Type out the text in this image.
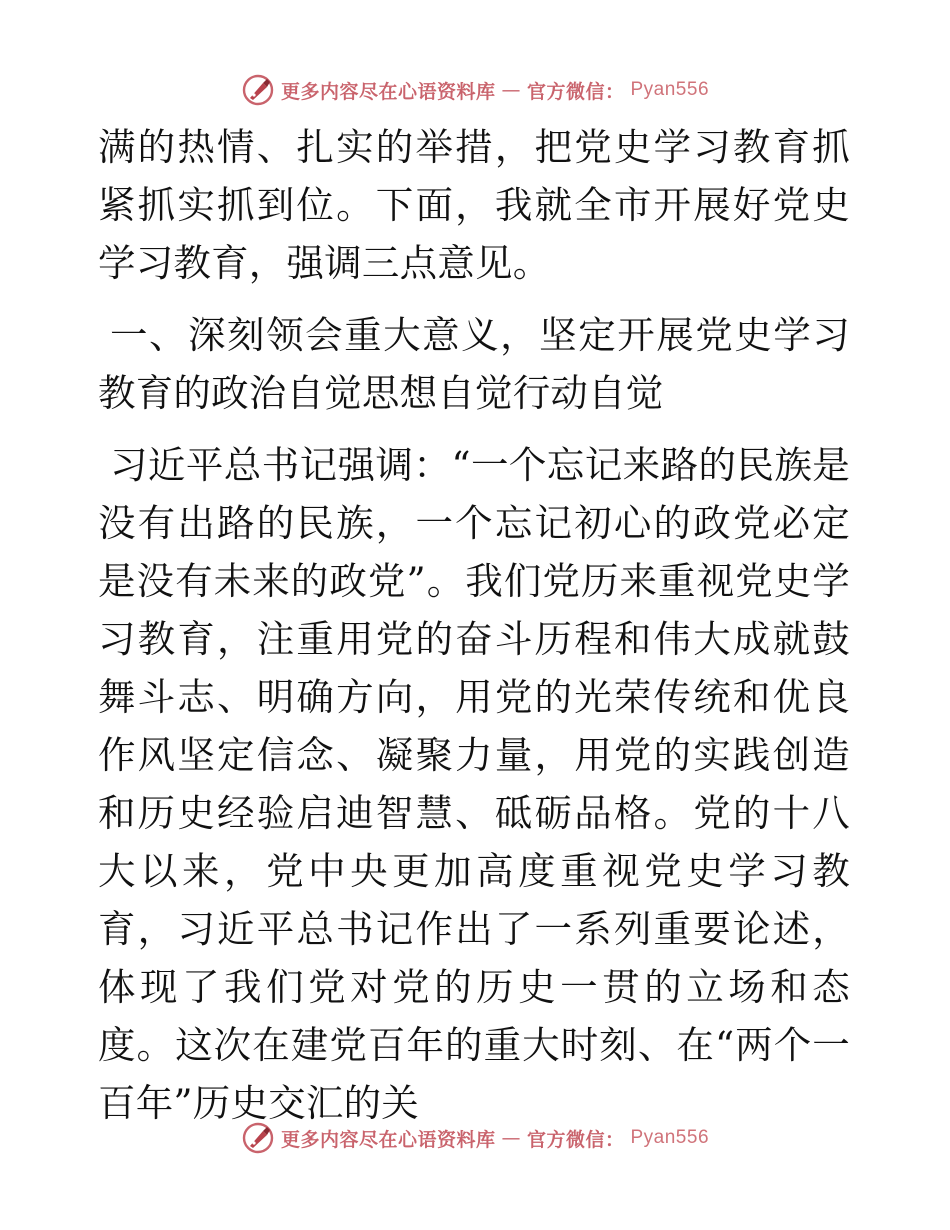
更多内容尽在心语资料库 — 官方微信： Pyan556

满的热情、扎实的举措，把党史学习教育抓紧抓实抓到位。下面，我就全市开展好党史学习教育，强调三点意见。

一、深刻领会重大意义，坚定开展党史学习教育的政治自觉思想自觉行动自觉

习近平总书记强调：“一个忘记来路的民族是没有出路的民族，一个忘记初心的政党必定是没有未来的政党”。我们党历来重视党史学习教育，注重用党的奋斗历程和伟大成就鼓舞斗志、明确方向，用党的光荣传统和优良作风坚定信念、凝聚力量，用党的实践创造和历史经验启迪智慧、砥砺品格。党的十八大以来，党中央更加高度重视党史学习教育，习近平总书记作出了一系列重要论述，体现了我们党对党的历史一贯的立场和态度。这次在建党百年的重大时刻、在“两个一百年”历史交汇的关

更多内容尽在心语资料库 — 官方微信： Pyan556
